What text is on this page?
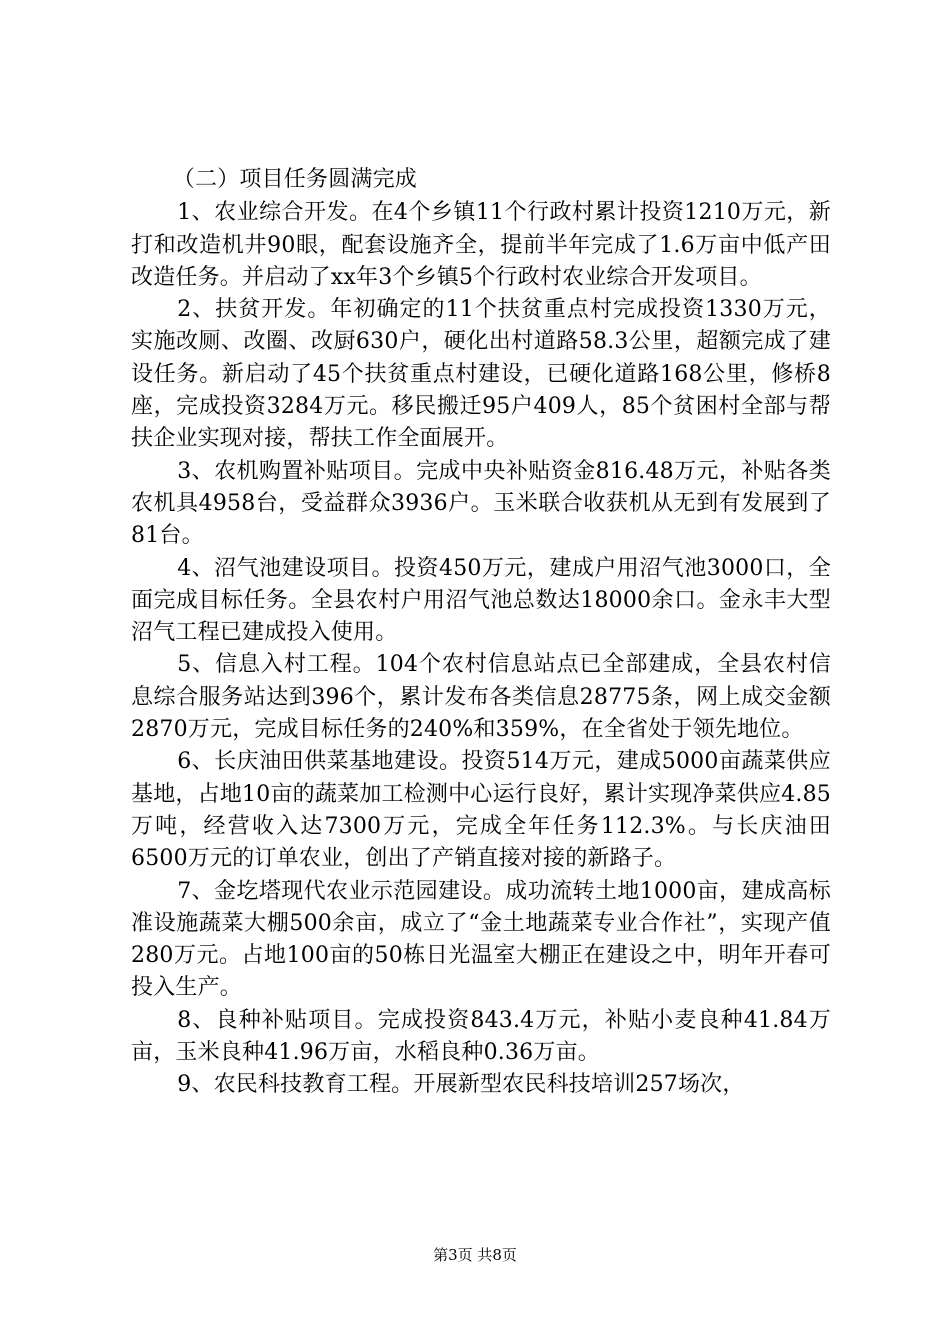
（二）项目任务圆满完成

1、农业综合开发。在4个乡镇11个行政村累计投资1210万元，新打和改造机井90眼，配套设施齐全，提前半年完成了1.6万亩中低产田改造任务。并启动了xx年3个乡镇5个行政村农业综合开发项目。

2、扶贫开发。年初确定的11个扶贫重点村完成投资1330万元，实施改厕、改圈、改厨630户，硬化出村道路58.3公里，超额完成了建设任务。新启动了45个扶贫重点村建设，已硬化道路168公里，修桥8座，完成投资3284万元。移民搬迁95户409人，85个贫困村全部与帮扶企业实现对接，帮扶工作全面展开。

3、农机购置补贴项目。完成中央补贴资金816.48万元，补贴各类农机具4958台，受益群众3936户。玉米联合收获机从无到有发展到了81台。

4、沼气池建设项目。投资450万元，建成户用沼气池3000口，全面完成目标任务。全县农村户用沼气池总数达18000余口。金永丰大型沼气工程已建成投入使用。

5、信息入村工程。104个农村信息站点已全部建成，全县农村信息综合服务站达到396个，累计发布各类信息28775条，网上成交金额2870万元，完成目标任务的240%和359%，在全省处于领先地位。

6、长庆油田供菜基地建设。投资514万元，建成5000亩蔬菜供应基地，占地10亩的蔬菜加工检测中心运行良好，累计实现净菜供应4.85万吨，经营收入达7300万元，完成全年任务112.3%。与长庆油田6500万元的订单农业，创出了产销直接对接的新路子。

7、金圪塔现代农业示范园建设。成功流转土地1000亩，建成高标准设施蔬菜大棚500余亩，成立了“金土地蔬菜专业合作社”，实现产值280万元。占地100亩的50栋日光温室大棚正在建设之中，明年开春可投入生产。

8、良种补贴项目。完成投资843.4万元，补贴小麦良种41.84万亩，玉米良种41.96万亩，水稻良种0.36万亩。

9、农民科技教育工程。开展新型农民科技培训257场次，

第3页 共8页
